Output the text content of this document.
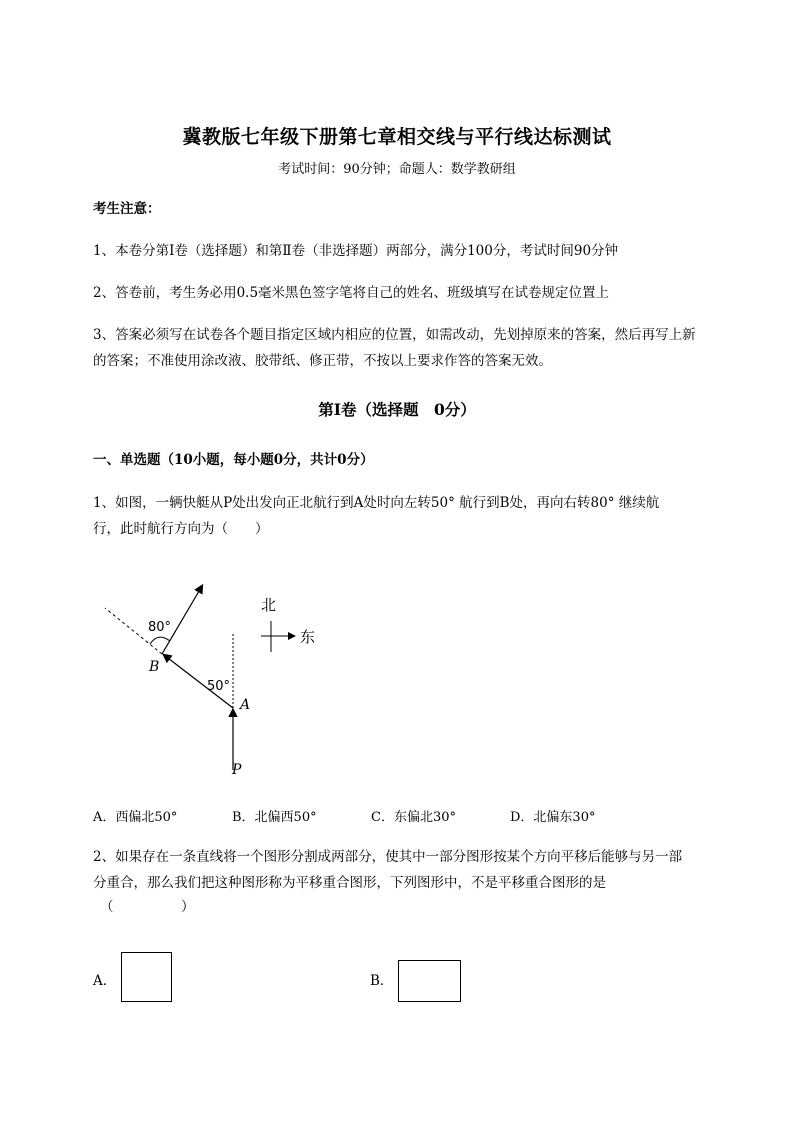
冀教版七年级下册第七章相交线与平行线达标测试
考试时间：90分钟；命题人：数学教研组
考生注意：
1、本卷分第I卷（选择题）和第Ⅱ卷（非选择题）两部分，满分100分，考试时间90分钟
2、答卷前，考生务必用0.5毫米黑色签字笔将自己的姓名、班级填写在试卷规定位置上
3、答案必须写在试卷各个题目指定区域内相应的位置，如需改动，先划掉原来的答案，然后再写上新
的答案；不准使用涂改液、胶带纸、修正带，不按以上要求作答的答案无效。
第I卷（选择题　0分）
一、单选题（10小题，每小题0分，共计0分）
1、如图，一辆快艇从P处出发向正北航行到A处时向左转50° 航行到B处，再向右转80° 继续航
行，此时航行方向为（　　）
80°
50°
B
A
P
北
东
A．西偏北50°	B．北偏西50°	C．东偏北30°	D．北偏东30°
2、如果存在一条直线将一个图形分割成两部分，使其中一部分图形按某个方向平移后能够与另一部
分重合，那么我们把这种图形称为平移重合图形，下列图形中，不是平移重合图形的是
（　　　　　）
A．	B．
